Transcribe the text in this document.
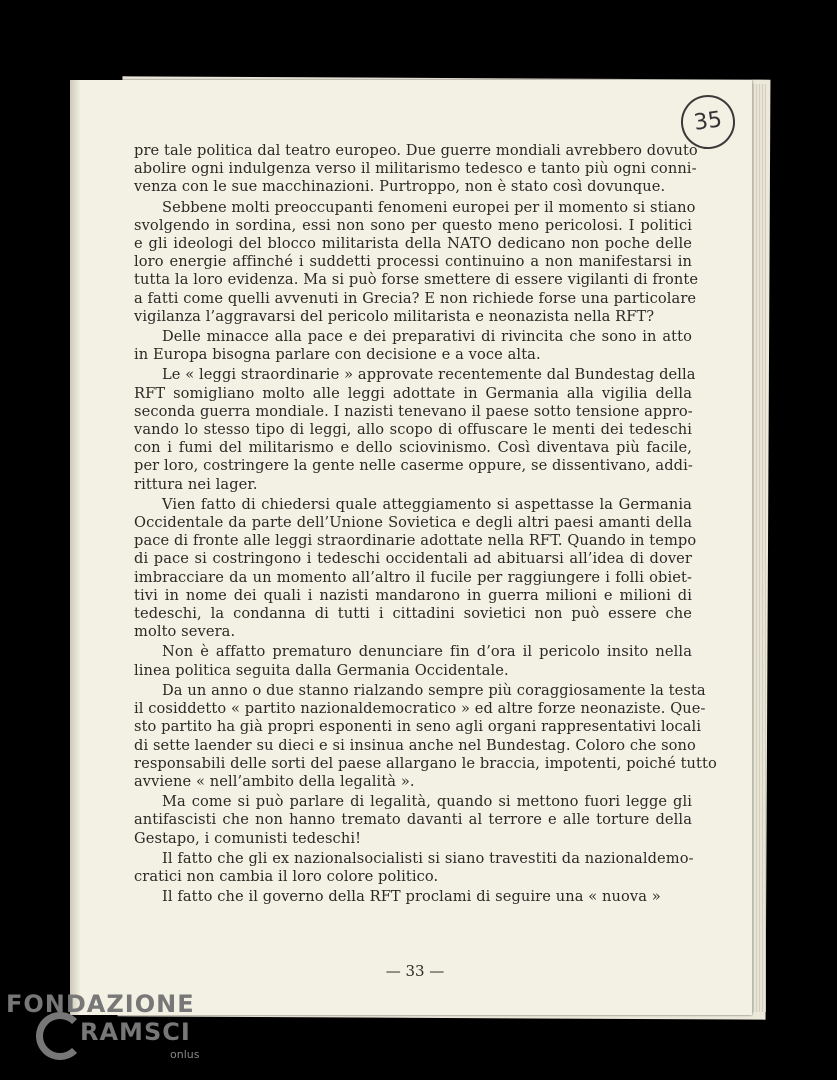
35
pre tale politica dal teatro europeo. Due guerre mondiali avrebbero dovuto
abolire ogni indulgenza verso il militarismo tedesco e tanto più ogni conni-
venza con le sue macchinazioni. Purtroppo, non è stato così dovunque.
Sebbene molti preoccupanti fenomeni europei per il momento si stiano
svolgendo in sordina, essi non sono per questo meno pericolosi. I politici
e gli ideologi del blocco militarista della NATO dedicano non poche delle
loro energie affinché i suddetti processi continuino a non manifestarsi in
tutta la loro evidenza. Ma si può forse smettere di essere vigilanti di fronte
a fatti come quelli avvenuti in Grecia? E non richiede forse una particolare
vigilanza l’aggravarsi del pericolo militarista e neonazista nella RFT?
Delle minacce alla pace e dei preparativi di rivincita che sono in atto
in Europa bisogna parlare con decisione e a voce alta.
Le « leggi straordinarie » approvate recentemente dal Bundestag della
RFT somigliano molto alle leggi adottate in Germania alla vigilia della
seconda guerra mondiale. I nazisti tenevano il paese sotto tensione appro-
vando lo stesso tipo di leggi, allo scopo di offuscare le menti dei tedeschi
con i fumi del militarismo e dello sciovinismo. Così diventava più facile,
per loro, costringere la gente nelle caserme oppure, se dissentivano, addi-
rittura nei lager.
Vien fatto di chiedersi quale atteggiamento si aspettasse la Germania
Occidentale da parte dell’Unione Sovietica e degli altri paesi amanti della
pace di fronte alle leggi straordinarie adottate nella RFT. Quando in tempo
di pace si costringono i tedeschi occidentali ad abituarsi all’idea di dover
imbracciare da un momento all’altro il fucile per raggiungere i folli obiet-
tivi in nome dei quali i nazisti mandarono in guerra milioni e milioni di
tedeschi, la condanna di tutti i cittadini sovietici non può essere che
molto severa.
Non è affatto prematuro denunciare fin d’ora il pericolo insito nella
linea politica seguita dalla Germania Occidentale.
Da un anno o due stanno rialzando sempre più coraggiosamente la testa
il cosiddetto « partito nazionaldemocratico » ed altre forze neonaziste. Que-
sto partito ha già propri esponenti in seno agli organi rappresentativi locali
di sette laender su dieci e si insinua anche nel Bundestag. Coloro che sono
responsabili delle sorti del paese allargano le braccia, impotenti, poiché tutto
avviene « nell’ambito della legalità ».
Ma come si può parlare di legalità, quando si mettono fuori legge gli
antifascisti che non hanno tremato davanti al terrore e alle torture della
Gestapo, i comunisti tedeschi!
Il fatto che gli ex nazionalsocialisti si siano travestiti da nazionaldemo-
cratici non cambia il loro colore politico.
Il fatto che il governo della RFT proclami di seguire una « nuova »
— 33 —
FONDAZIONE
RAMSCI
onlus
